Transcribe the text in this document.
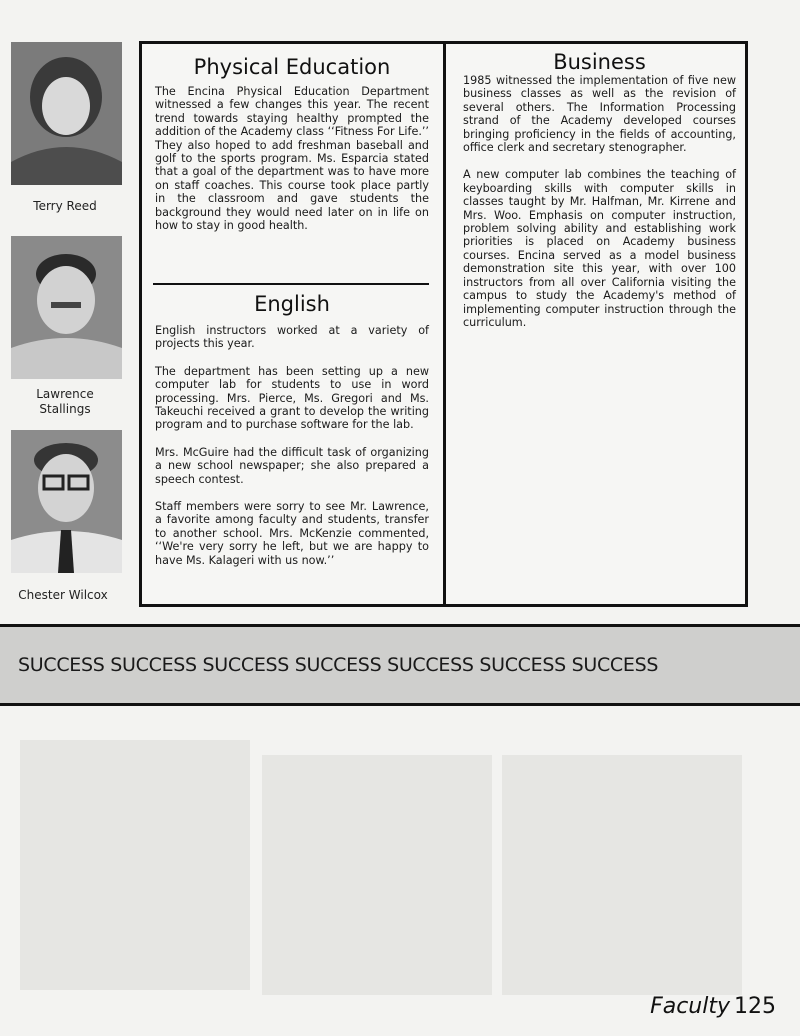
Terry Reed
Lawrence
Stallings
Chester Wilcox
Physical Education

The Encina Physical Education Department witnessed a few changes this year. The recent trend towards staying healthy prompted the addition of the Academy class ‘‘Fitness For Life.’’ They also hoped to add freshman baseball and golf to the sports program. Ms. Esparcia stated that a goal of the department was to have more on staff coaches. This course took place partly in the classroom and gave students the background they would need later on in life on how to stay in good health.

English

English instructors worked at a variety of projects this year.

The department has been setting up a new computer lab for students to use in word processing. Mrs. Pierce, Ms. Gregori and Ms. Takeuchi received a grant to develop the writing program and to purchase software for the lab.

Mrs. McGuire had the difficult task of organizing a new school newspaper; she also prepared a speech contest.

Staff members were sorry to see Mr. Lawrence, a favorite among faculty and students, transfer to another school. Mrs. McKenzie commented, ‘‘We're very sorry he left, but we are happy to have Ms. Kalageri with us now.’’

Business

1985 witnessed the implementation of five new business classes as well as the revision of several others. The Information Processing strand of the Academy developed courses bringing proficiency in the fields of accounting, office clerk and secretary stenographer.

A new computer lab combines the teaching of keyboarding skills with computer skills in classes taught by Mr. Halfman, Mr. Kirrene and Mrs. Woo. Emphasis on computer instruction, problem solving ability and establishing work priorities is placed on Academy business courses. Encina served as a model business demonstration site this year, with over 100 instructors from all over California visiting the campus to study the Academy's method of implementing computer instruction through the curriculum.

SUCCESS SUCCESS SUCCESS SUCCESS SUCCESS SUCCESS SUCCESS
Faculty 125
